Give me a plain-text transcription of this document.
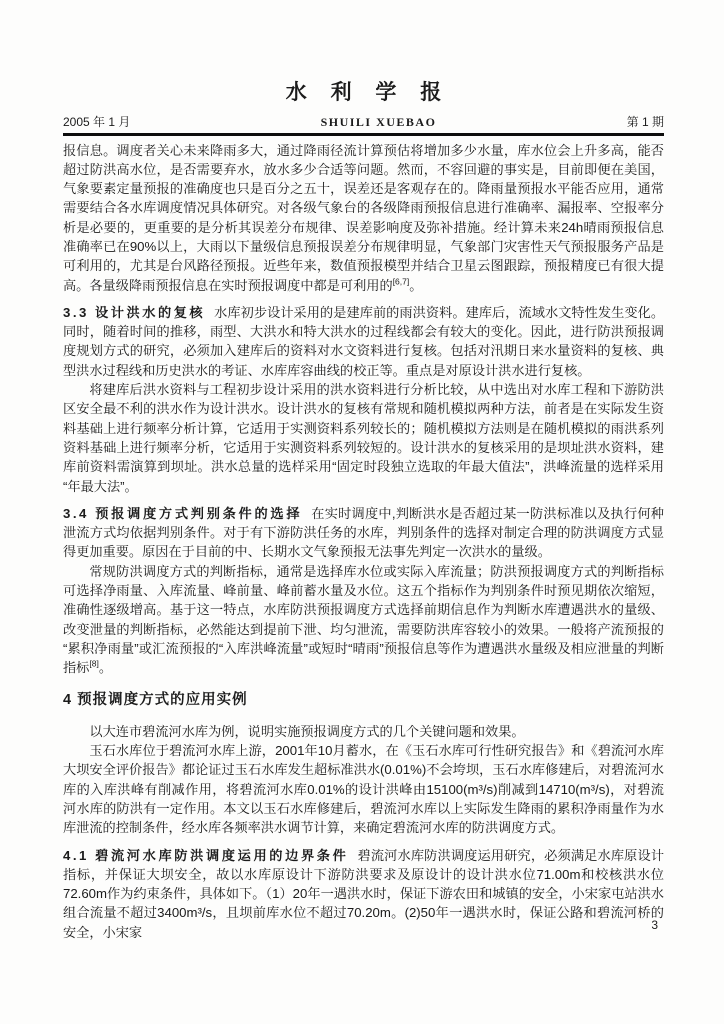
水 利 学 报
2005 年 1 月	SHUILI XUEBAO	第 1 期

报信息。调度者关心未来降雨多大，通过降雨径流计算预估将增加多少水量，库水位会上升多高，能否超过防洪高水位，是否需要弃水，放水多少合适等问题。然而，不容回避的事实是，目前即便在美国，气象要素定量预报的准确度也只是百分之五十，误差还是客观存在的。降雨量预报水平能否应用，通常需要结合各水库调度情况具体研究。对各级气象台的各级降雨预报信息进行准确率、漏报率、空报率分析是必要的，更重要的是分析其误差分布规律、误差影响度及弥补措施。经计算未来24h晴雨预报信息准确率已在90%以上，大雨以下量级信息预报误差分布规律明显，气象部门灾害性天气预报服务产品是可利用的，尤其是台风路径预报。近些年来，数值预报模型并结合卫星云图跟踪，预报精度已有很大提高。各量级降雨预报信息在实时预报调度中都是可利用的[6,7]。

3.3 设计洪水的复核 水库初步设计采用的是建库前的雨洪资料。建库后，流域水文特性发生变化。同时，随着时间的推移，雨型、大洪水和特大洪水的过程线都会有较大的变化。因此，进行防洪预报调度规划方式的研究，必须加入建库后的资料对水文资料进行复核。包括对汛期日来水量资料的复核、典型洪水过程线和历史洪水的考证、水库库容曲线的校正等。重点是对原设计洪水进行复核。

将建库后洪水资料与工程初步设计采用的洪水资料进行分析比较，从中选出对水库工程和下游防洪区安全最不利的洪水作为设计洪水。设计洪水的复核有常规和随机模拟两种方法，前者是在实际发生资料基础上进行频率分析计算，它适用于实测资料系列较长的；随机模拟方法则是在随机模拟的雨洪系列资料基础上进行频率分析，它适用于实测资料系列较短的。设计洪水的复核采用的是坝址洪水资料，建库前资料需演算到坝址。洪水总量的选样采用“固定时段独立选取的年最大值法”，洪峰流量的选样采用“年最大法”。

3.4 预报调度方式判别条件的选择 在实时调度中,判断洪水是否超过某一防洪标准以及执行何种泄流方式均依据判别条件。对于有下游防洪任务的水库，判别条件的选择对制定合理的防洪调度方式显得更加重要。原因在于目前的中、长期水文气象预报无法事先判定一次洪水的量级。

常规防洪调度方式的判断指标，通常是选择库水位或实际入库流量；防洪预报调度方式的判断指标可选择净雨量、入库流量、峰前量、峰前蓄水量及水位。这五个指标作为判别条件时预见期依次缩短，准确性逐级增高。基于这一特点，水库防洪预报调度方式选择前期信息作为判断水库遭遇洪水的量级、改变泄量的判断指标，必然能达到提前下泄、均匀泄流，需要防洪库容较小的效果。一般将产流预报的“累积净雨量”或汇流预报的“入库洪峰流量”或短时“晴雨”预报信息等作为遭遇洪水量级及相应泄量的判断指标[8]。

4 预报调度方式的应用实例

以大连市碧流河水库为例，说明实施预报调度方式的几个关键问题和效果。

玉石水库位于碧流河水库上游，2001年10月蓄水，在《玉石水库可行性研究报告》和《碧流河水库大坝安全评价报告》都论证过玉石水库发生超标准洪水(0.01%)不会垮坝，玉石水库修建后，对碧流河水库的入库洪峰有削减作用，将碧流河水库0.01%的设计洪峰由15100(m³/s)削减到14710(m³/s)，对碧流河水库的防洪有一定作用。本文以玉石水库修建后，碧流河水库以上实际发生降雨的累积净雨量作为水库泄流的控制条件，经水库各频率洪水调节计算，来确定碧流河水库的防洪调度方式。

4.1 碧流河水库防洪调度运用的边界条件 碧流河水库防洪调度运用研究，必须满足水库原设计指标，并保证大坝安全，故以水库原设计下游防洪要求及原设计的设计洪水位71.00m和校核洪水位72.60m作为约束条件，具体如下。（1）20年一遇洪水时，保证下游农田和城镇的安全，小宋家屯站洪水组合流量不超过3400m³/s，且坝前库水位不超过70.20m。(2)50年一遇洪水时，保证公路和碧流河桥的安全，小宋家	3
